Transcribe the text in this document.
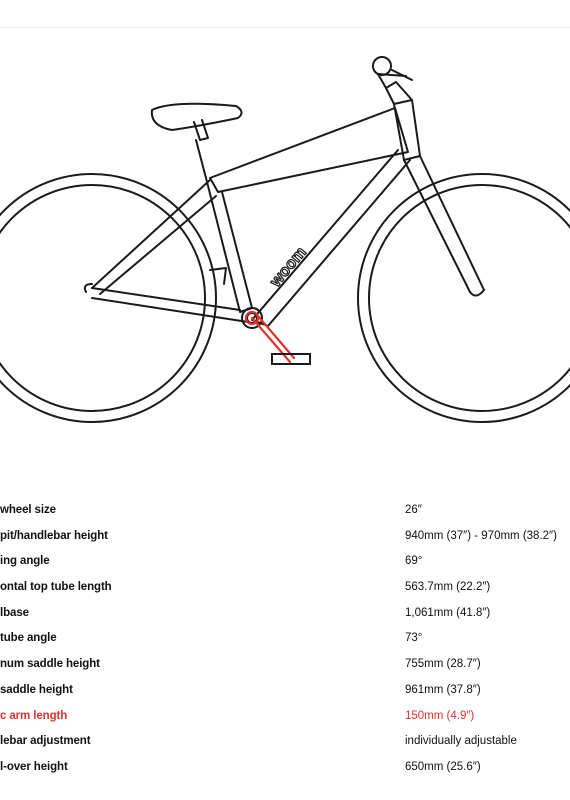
woom
wheel size	26″
pit/handlebar height	940mm (37″) - 970mm (38.2″)
ing angle	69°
ontal top tube length	563.7mm (22.2″)
lbase	1,061mm (41.8″)
tube angle	73°
num saddle height	755mm (28.7″)
saddle height	961mm (37.8″)
c arm length	150mm (4.9″)
lebar adjustment	individually adjustable
l-over height	650mm (25.6″)
